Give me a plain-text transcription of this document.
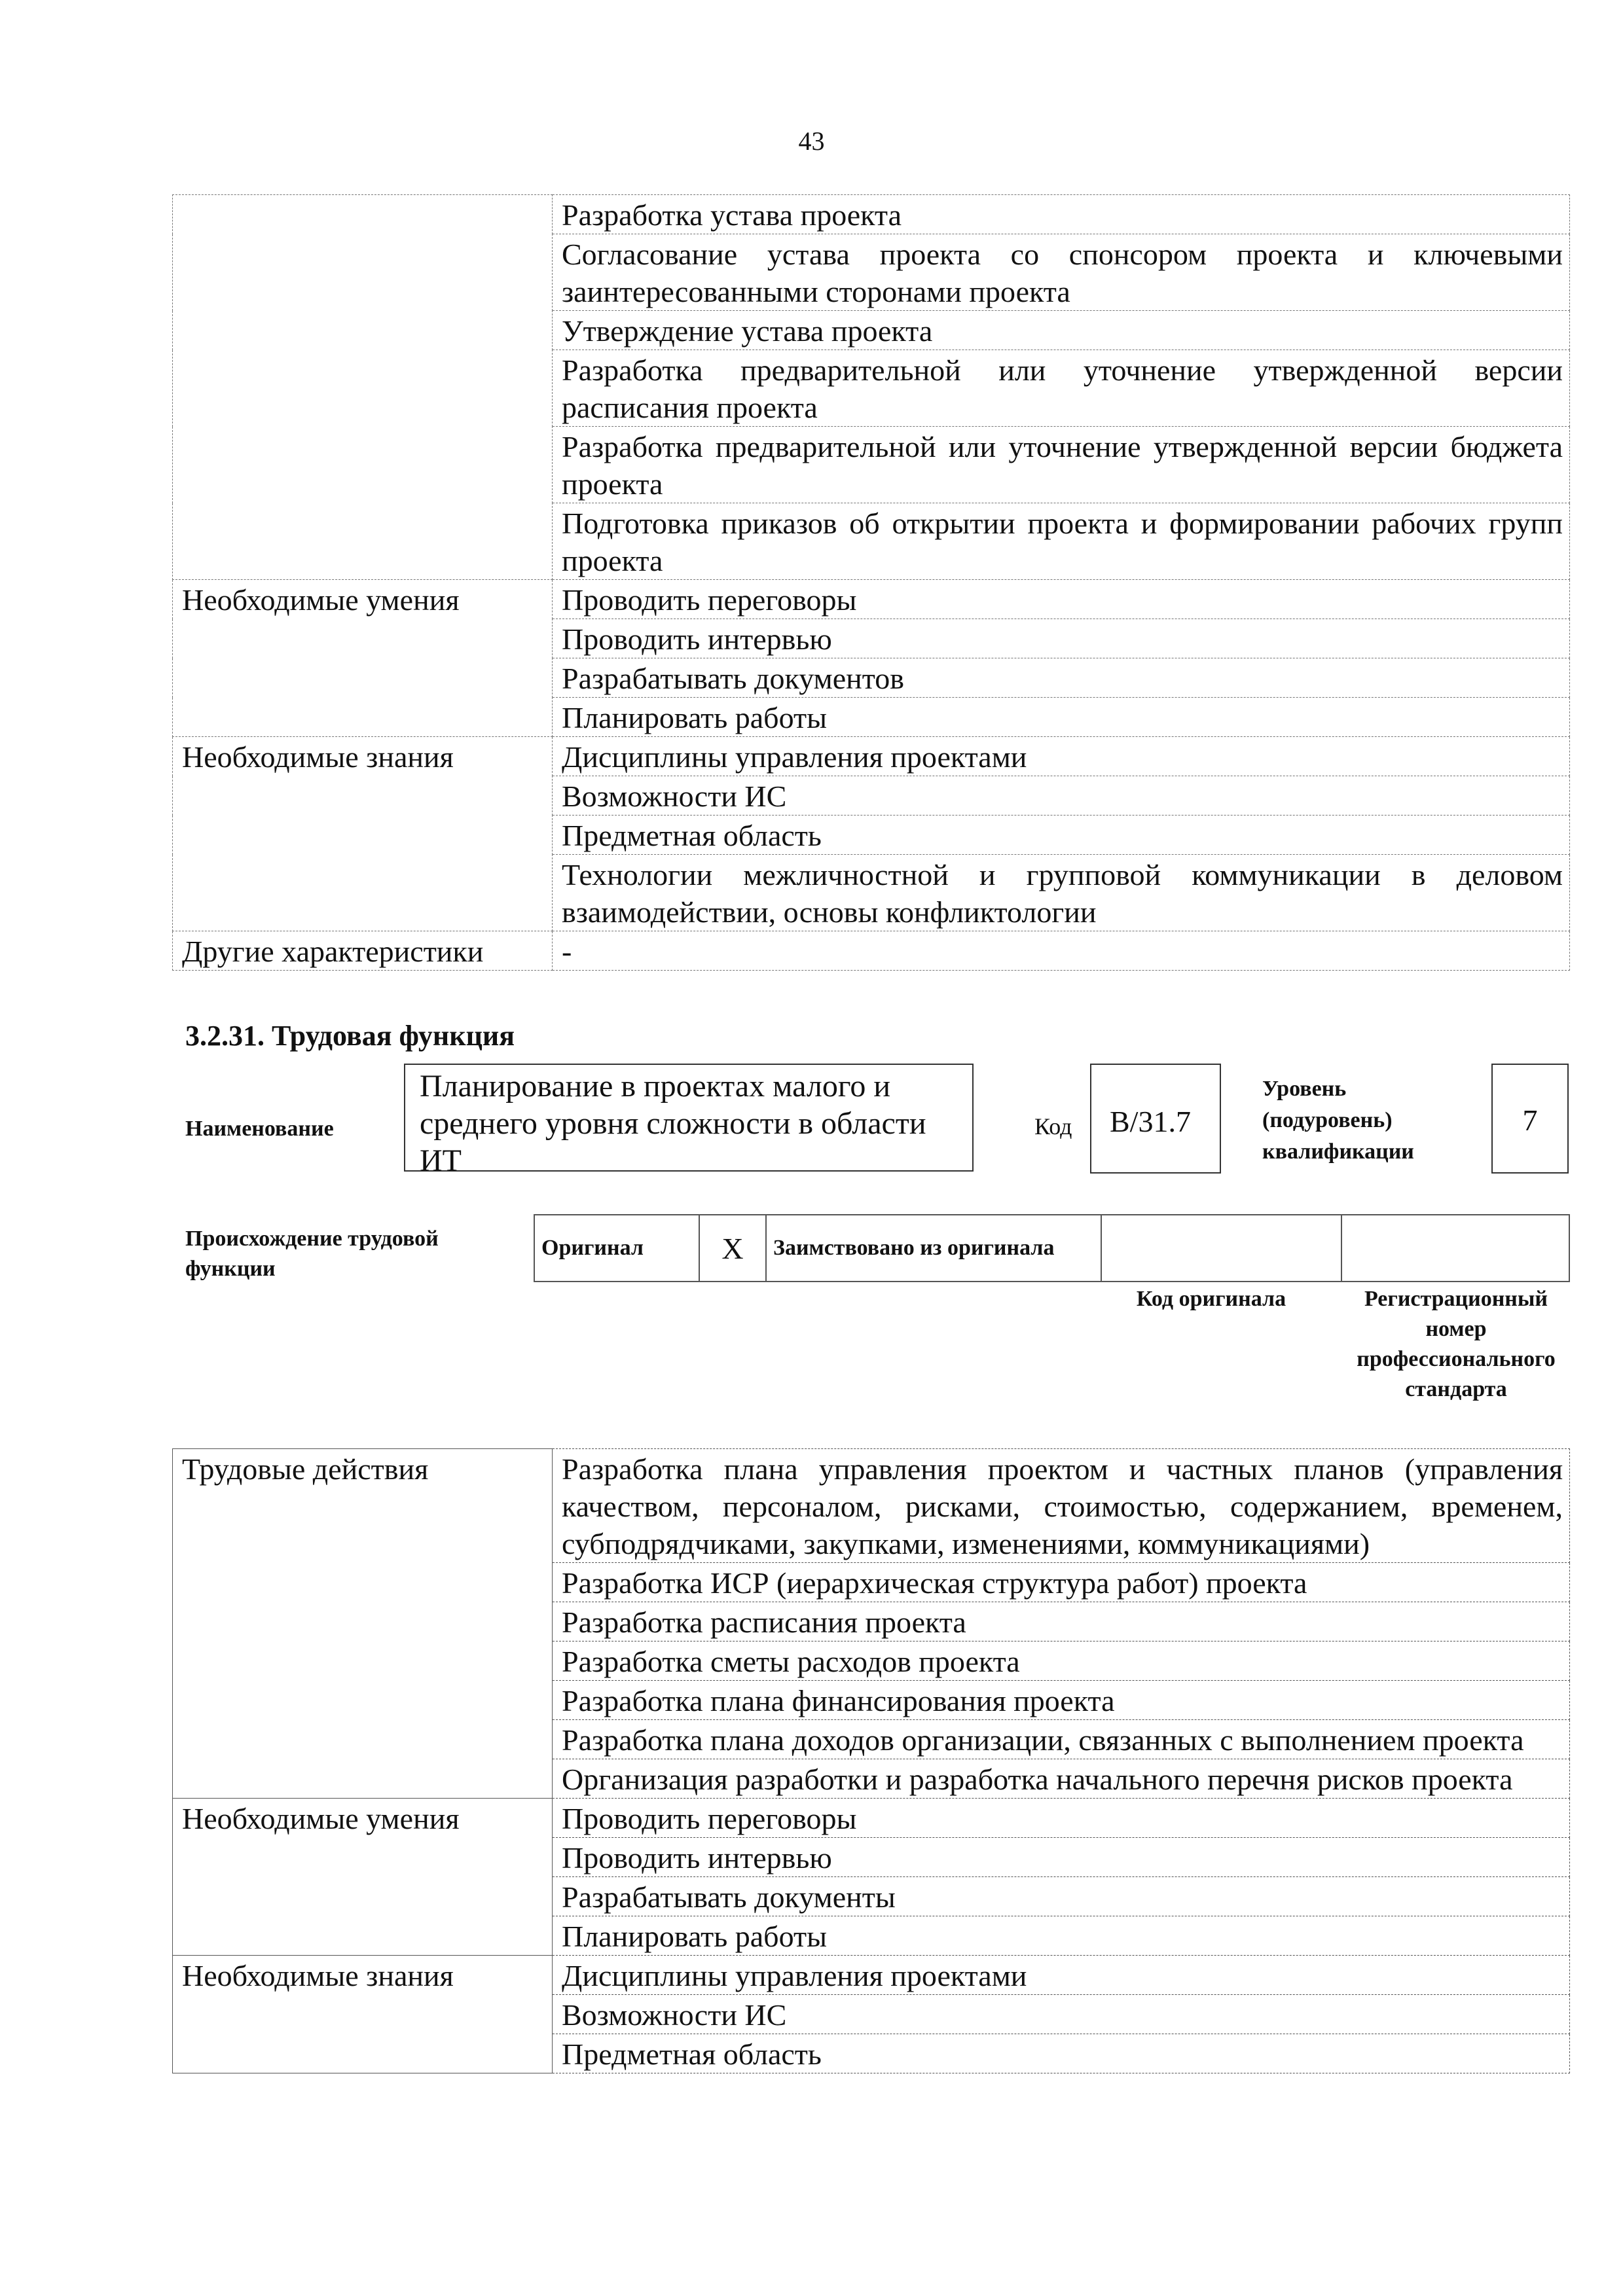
43
	Разработка устава проекта
	Согласование устава проекта со спонсором проекта и ключевыми заинтересованными сторонами проекта
	Утверждение устава проекта
	Разработка предварительной или уточнение утвержденной версии расписания проекта
	Разработка предварительной или уточнение утвержденной версии бюджета проекта
	Подготовка приказов об открытии проекта и формировании рабочих групп проекта
Необходимые умения	Проводить переговоры
	Проводить интервью
	Разрабатывать документов
	Планировать работы
Необходимые знания	Дисциплины управления проектами
	Возможности ИС
	Предметная область
	Технологии межличностной и групповой коммуникации в деловом взаимодействии, основы конфликтологии
Другие характеристики	-
3.2.31. Трудовая функция
Наименование
Планирование в проектах малого и среднего уровня сложности в области ИТ
Код	B/31.7
Уровень (подуровень) квалификации
7
Происхождение трудовой функции
Оригинал	X	Заимствовано из оригинала		
Код оригинала	Регистрационный номер профессионального стандарта
Трудовые действия	Разработка плана управления проектом и частных планов (управления качеством, персоналом, рисками, стоимостью, содержанием, временем, субподрядчиками, закупками, изменениями, коммуникациями)
	Разработка ИСР (иерархическая структура работ) проекта
	Разработка расписания проекта
	Разработка сметы расходов проекта
	Разработка плана финансирования проекта
	Разработка плана доходов организации, связанных с выполнением проекта
	Организация разработки и разработка начального перечня рисков проекта
Необходимые умения	Проводить переговоры
	Проводить интервью
	Разрабатывать документы
	Планировать работы
Необходимые знания	Дисциплины управления проектами
	Возможности ИС
	Предметная область
